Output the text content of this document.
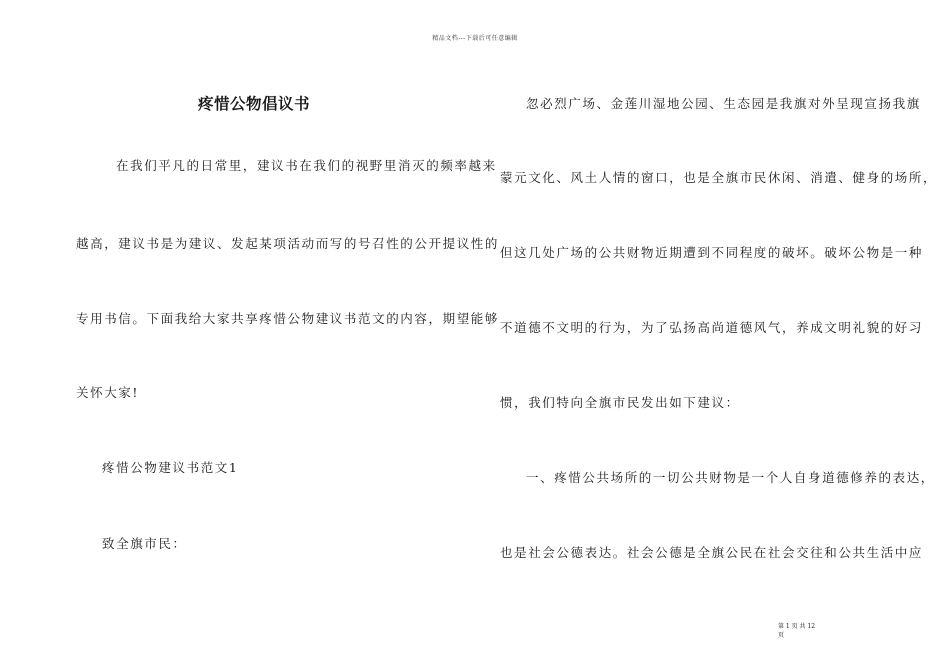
精品文档---下载后可任意编辑
疼惜公物倡议书

在我们平凡的日常里，建议书在我们的视野里消灭的频率越来

越高，建议书是为建议、发起某项活动而写的号召性的公开提议性的

专用书信。下面我给大家共享疼惜公物建议书范文的内容，期望能够

关怀大家!

疼惜公物建议书范文1

致全旗市民：

忽必烈广场、金莲川湿地公园、生态园是我旗对外呈现宣扬我旗

蒙元文化、风土人情的窗口，也是全旗市民休闲、消遣、健身的场所，

但这几处广场的公共财物近期遭到不同程度的破坏。破坏公物是一种

不道德不文明的行为，为了弘扬高尚道德风气，养成文明礼貌的好习

惯，我们特向全旗市民发出如下建议：

一、疼惜公共场所的一切公共财物是一个人自身道德修养的表达，

也是社会公德表达。社会公德是全旗公民在社会交往和公共生活中应

第 1 页 共 12
页
